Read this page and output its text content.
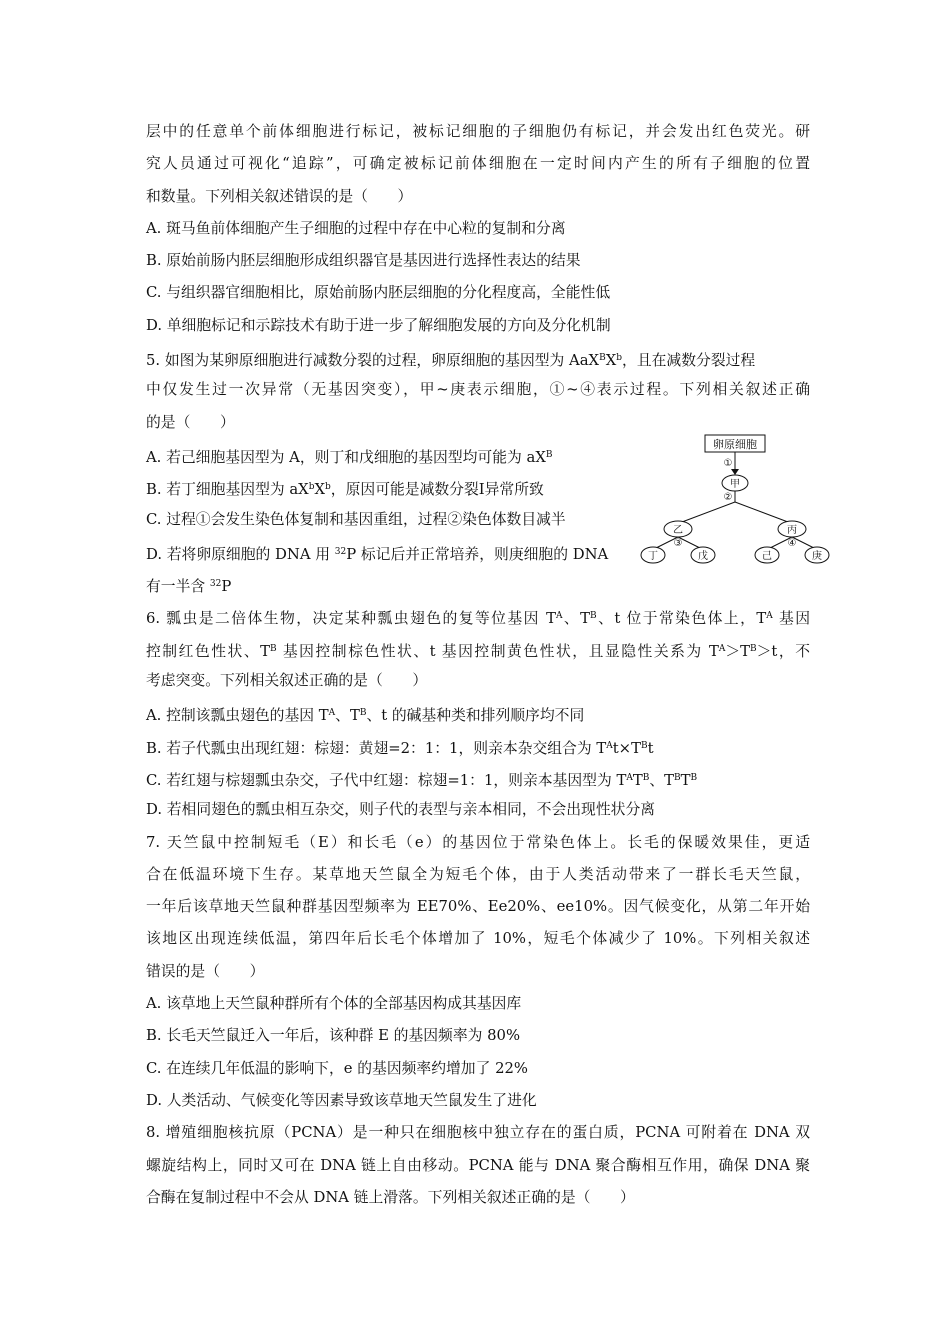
层中的任意单个前体细胞进行标记，被标记细胞的子细胞仍有标记，并会发出红色荧光。研
究人员通过可视化“追踪”，可确定被标记前体细胞在一定时间内产生的所有子细胞的位置
和数量。下列相关叙述错误的是（　　）
A. 斑马鱼前体细胞产生子细胞的过程中存在中心粒的复制和分离
B. 原始前肠内胚层细胞形成组织器官是基因进行选择性表达的结果
C. 与组织器官细胞相比，原始前肠内胚层细胞的分化程度高，全能性低
D. 单细胞标记和示踪技术有助于进一步了解细胞发展的方向及分化机制
5. 如图为某卵原细胞进行减数分裂的过程，卵原细胞的基因型为 $AaX^BX^b$，且在减数分裂过程
中仅发生过一次异常（无基因突变），甲~庚表示细胞，①~④表示过程。下列相关叙述正确
的是（　　）
A. 若己细胞基因型为 A，则丁和戊细胞的基因型均可能为 $aX^B$
B. 若丁细胞基因型为 $aX^bX^b$，原因可能是减数分裂Ⅰ异常所致
C. 过程①会发生染色体复制和基因重组，过程②染色体数目减半
D. 若将卵原细胞的 DNA 用 $^{32}$P 标记后并正常培养，则庚细胞的 DNA
有一半含 $^{32}$P
6. 瓢虫是二倍体生物，决定某种瓢虫翅色的复等位基因 $T^A$、$T^B$、t 位于常染色体上，$T^A$ 基因
控制红色性状、$T^B$ 基因控制棕色性状、t 基因控制黄色性状，且显隐性关系为 $T^A>T^B>t$，不
考虑突变。下列相关叙述正确的是（　　）
A. 控制该瓢虫翅色的基因 $T^A$、$T^B$、t 的碱基种类和排列顺序均不同
B. 若子代瓢虫出现红翅：棕翅：黄翅=2：1：1，则亲本杂交组合为 $T^At\times T^Bt$
C. 若红翅与棕翅瓢虫杂交，子代中红翅：棕翅=1：1，则亲本基因型为 $T^AT^B$、$T^BT^B$
D. 若相同翅色的瓢虫相互杂交，则子代的表型与亲本相同，不会出现性状分离
7. 天竺鼠中控制短毛（E）和长毛（e）的基因位于常染色体上。长毛的保暖效果佳，更适
合在低温环境下生存。某草地天竺鼠全为短毛个体，由于人类活动带来了一群长毛天竺鼠，
一年后该草地天竺鼠种群基因型频率为 EE70%、Ee20%、ee10%。因气候变化，从第二年开始
该地区出现连续低温，第四年后长毛个体增加了 10%，短毛个体减少了 10%。下列相关叙述
错误的是（　　）
A. 该草地上天竺鼠种群所有个体的全部基因构成其基因库
B. 长毛天竺鼠迁入一年后，该种群 E 的基因频率为 80%
C. 在连续几年低温的影响下，e 的基因频率约增加了 22%
D. 人类活动、气候变化等因素导致该草地天竺鼠发生了进化
8. 增殖细胞核抗原（PCNA）是一种只在细胞核中独立存在的蛋白质，PCNA 可附着在 DNA 双
螺旋结构上，同时又可在 DNA 链上自由移动。PCNA 能与 DNA 聚合酶相互作用，确保 DNA 聚
合酶在复制过程中不会从 DNA 链上滑落。下列相关叙述正确的是（　　）
卵原细胞
①
甲
②
乙	丙
③	④
丁	戊	己	庚
